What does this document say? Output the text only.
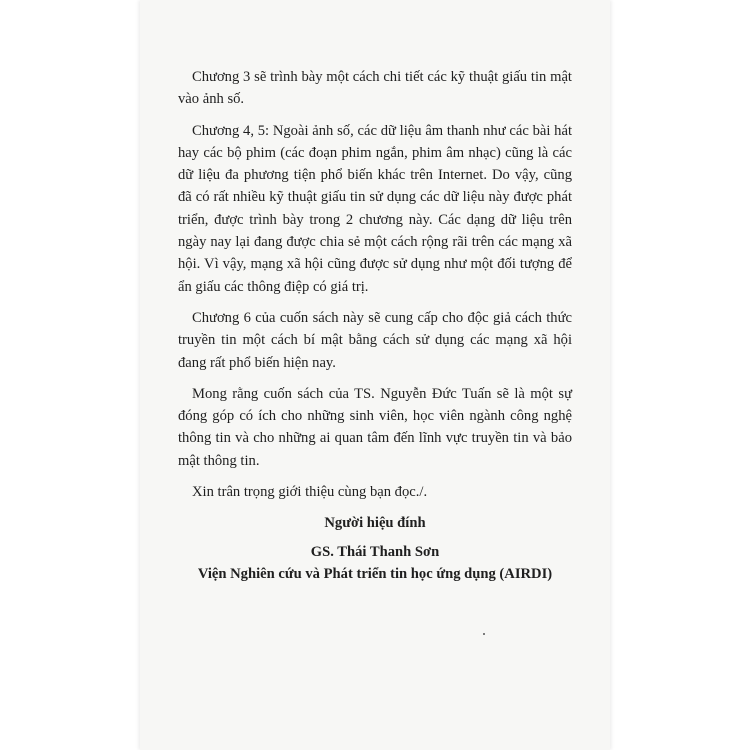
Chương 3 sẽ trình bày một cách chi tiết các kỹ thuật giấu tin mật vào ảnh số.

Chương 4, 5: Ngoài ảnh số, các dữ liệu âm thanh như các bài hát hay các bộ phim (các đoạn phim ngắn, phim âm nhạc) cũng là các dữ liệu đa phương tiện phổ biến khác trên Internet. Do vậy, cũng đã có rất nhiều kỹ thuật giấu tin sử dụng các dữ liệu này được phát triển, được trình bày trong 2 chương này. Các dạng dữ liệu trên ngày nay lại đang được chia sẻ một cách rộng rãi trên các mạng xã hội. Vì vậy, mạng xã hội cũng được sử dụng như một đối tượng để ẩn giấu các thông điệp có giá trị.

Chương 6 của cuốn sách này sẽ cung cấp cho độc giả cách thức truyền tin một cách bí mật bằng cách sử dụng các mạng xã hội đang rất phổ biến hiện nay.

Mong rằng cuốn sách của TS. Nguyễn Đức Tuấn sẽ là một sự đóng góp có ích cho những sinh viên, học viên ngành công nghệ thông tin và cho những ai quan tâm đến lĩnh vực truyền tin và bảo mật thông tin.

Xin trân trọng giới thiệu cùng bạn đọc./.

Người hiệu đính

GS. Thái Thanh Sơn

Viện Nghiên cứu và Phát triển tin học ứng dụng (AIRDI)
